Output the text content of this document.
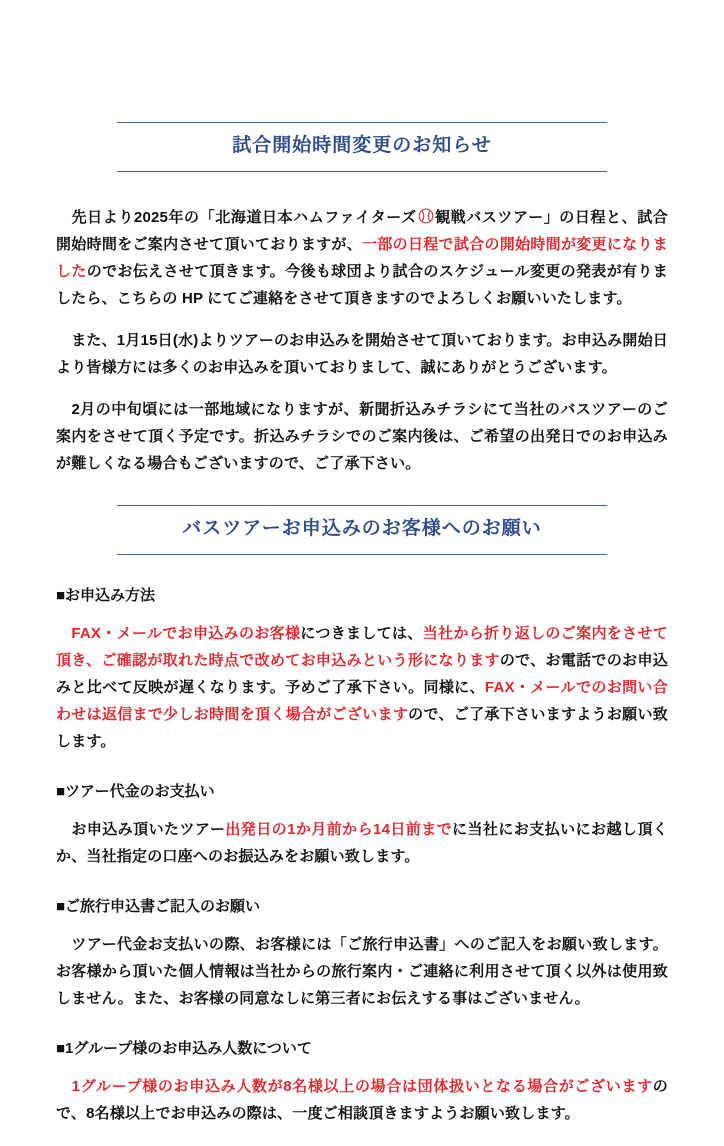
試合開始時間変更のお知らせ

　先日より2025年の「北海道日本ハムファイターズ 観戦バスツアー」の日程と、試合開始時間をご案内させて頂いておりますが、一部の日程で試合の開始時間が変更になりましたのでお伝えさせて頂きます。今後も球団より試合のスケジュール変更の発表が有りましたら、こちらの HP にてご連絡をさせて頂きますのでよろしくお願いいたします。

　また、1月15日(水)よりツアーのお申込みを開始させて頂いております。お申込み開始日より皆様方には多くのお申込みを頂いておりまして、誠にありがとうございます。

　2月の中旬頃には一部地域になりますが、新聞折込みチラシにて当社のバスツアーのご案内をさせて頂く予定です。折込みチラシでのご案内後は、ご希望の出発日でのお申込みが難しくなる場合もございますので、ご了承下さい。

バスツアーお申込みのお客様へのお願い
■お申込み方法

　FAX・メールでお申込みのお客様につきましては、当社から折り返しのご案内をさせて頂き、ご確認が取れた時点で改めてお申込みという形になりますので、お電話でのお申込みと比べて反映が遅くなります。予めご了承下さい。同様に、FAX・メールでのお問い合わせは返信まで少しお時間を頂く場合がございますので、ご了承下さいますようお願い致します。

■ツアー代金のお支払い

　お申込み頂いたツアー出発日の1か月前から14日前までに当社にお支払いにお越し頂くか、当社指定の口座へのお振込みをお願い致します。

■ご旅行申込書ご記入のお願い

　ツアー代金お支払いの際、お客様には「ご旅行申込書」へのご記入をお願い致します。お客様から頂いた個人情報は当社からの旅行案内・ご連絡に利用させて頂く以外は使用致しません。また、お客様の同意なしに第三者にお伝えする事はございません。

■1グループ様のお申込み人数について

　1グループ様のお申込み人数が8名様以上の場合は団体扱いとなる場合がございますので、8名様以上でお申込みの際は、一度ご相談頂きますようお願い致します。
